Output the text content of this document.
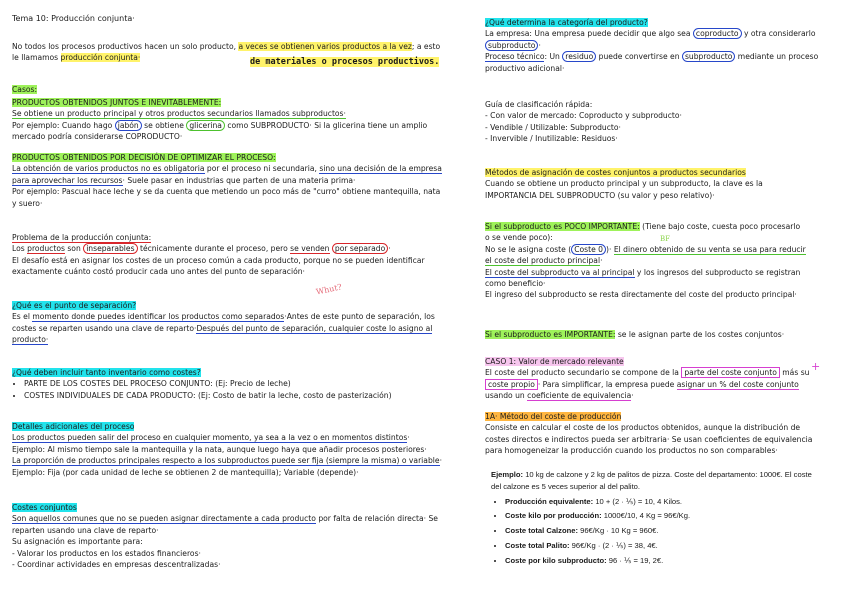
Tema 10: Producción conjunta·

No todos los procesos productivos hacen un solo producto, a veces se obtienen varios productos a la vez; a esto

le llamamos producción conjunta·	de materiales o procesos productivos.
Casos:

PRODUCTOS OBTENIDOS JUNTOS E INEVITABLEMENTE:

Se obtiene un producto principal y otros productos secundarios llamados subproductos·

Por ejemplo: Cuando hago jabón se obtiene glicerina como SUBPRODUCTO· Si la glicerina tiene un amplio

mercado podría considerarse COPRODUCTO·

PRODUCTOS OBTENIDOS POR DECISIÓN DE OPTIMIZAR EL PROCESO:

La obtención de varios productos no es obligatoria por el proceso ni secundaria, sino una decisión de la empresa

para aprovechar los recursos· Suele pasar en industrias que parten de una materia prima·

Por ejemplo: Pascual hace leche y se da cuenta que metiendo un poco más de "curro" obtiene mantequilla, nata

y suero·

Problema de la producción conjunta:

Los productos son inseparables técnicamente durante el proceso, pero se venden por separado ·

El desafío está en asignar los costes de un proceso común a cada producto, porque no se pueden identificar

exactamente cuánto costó producir cada uno antes del punto de separación·

Whut?

¿Qué es el punto de separación?

Es el momento donde puedes identificar los productos como separados·Antes de este punto de separación, los

costes se reparten usando una clave de reparto·Después del punto de separación, cualquier coste lo asigno al

producto·

¿Qué deben incluir tanto inventario como costes?

• PARTE DE LOS COSTES DEL PROCESO CONJUNTO: (Ej: Precio de leche)
• COSTES INDIVIDUALES DE CADA PRODUCTO: (Ej: Costo de batir la leche, costo de pasterización)

Detalles adicionales del proceso

Los productos pueden salir del proceso en cualquier momento, ya sea a la vez o en momentos distintos·

Ejemplo: Al mismo tiempo sale la mantequilla y la nata, aunque luego haya que añadir procesos posteriores·

La proporción de productos principales respecto a los subproductos puede ser fija (siempre la misma) o variable·

Ejemplo: Fija (por cada unidad de leche se obtienen 2 de mantequilla); Variable (depende)·

Costes conjuntos

Son aquellos comunes que no se pueden asignar directamente a cada producto por falta de relación directa· Se

reparten usando una clave de reparto·

Su asignación es importante para:

- Valorar los productos en los estados financieros·

- Coordinar actividades en empresas descentralizadas·

¿Qué determina la categoría del producto?

La empresa: Una empresa puede decidir que algo sea coproducto y otra considerarlo

subproducto ·

Proceso técnico: Un residuo puede convertirse en subproducto mediante un proceso

productivo adicional·

Guía de clasificación rápida:

- Con valor de mercado: Coproducto y subproducto·

- Vendible / Utilizable: Subproducto·

- Invervible / Inutilizable: Residuos·

Métodos de asignación de costes conjuntos a productos secundarios

Cuando se obtiene un producto principal y un subproducto, la clave es la

IMPORTANCIA DEL SUBPRODUCTO (su valor y peso relativo)·

Si el subproducto es POCO IMPORTANTE: (Tiene bajo coste, cuesta poco procesarlo

o se vende poco):

No se le asigna coste ( Coste 0 )· El dinero obtenido de su venta se usa para reducir

el coste del producto principal·

El coste del subproducto va al principal y los ingresos del subproducto se registran

como beneficio·

El ingreso del subproducto se resta directamente del coste del producto principal·

BF

Si el subproducto es IMPORTANTE: se le asignan parte de los costes conjuntos·

CASO 1: Valor de mercado relevante

El coste del producto secundario se compone de la parte del coste conjunto más su

coste propio · Para simplificar, la empresa puede asignar un % del coste conjunto

usando un coeficiente de equivalencia·

+

1A· Método del coste de producción

Consiste en calcular el coste de los productos obtenidos, aunque la distribución de

costes directos e indirectos pueda ser arbitraria· Se usan coeficientes de equivalencia

para homogeneizar la producción cuando los productos no son comparables·

Ejemplo: 10 kg de calzone y 2 kg de palitos de pizza. Coste del departamento: 1000€. El coste del calzone es 5 veces superior al del palito.

• Producción equivalente: 10 + (2 · ⅕) = 10, 4 Kilos.
• Coste kilo por producción: 1000€/10, 4 Kg = 96€/Kg.
• Coste total Calzone: 96€/Kg · 10 Kg = 960€.
• Coste total Palito: 96€/Kg · (2 · ⅕) = 38, 4€.
• Coste por kilo subproducto: 96 · ⅕ = 19, 2€.
